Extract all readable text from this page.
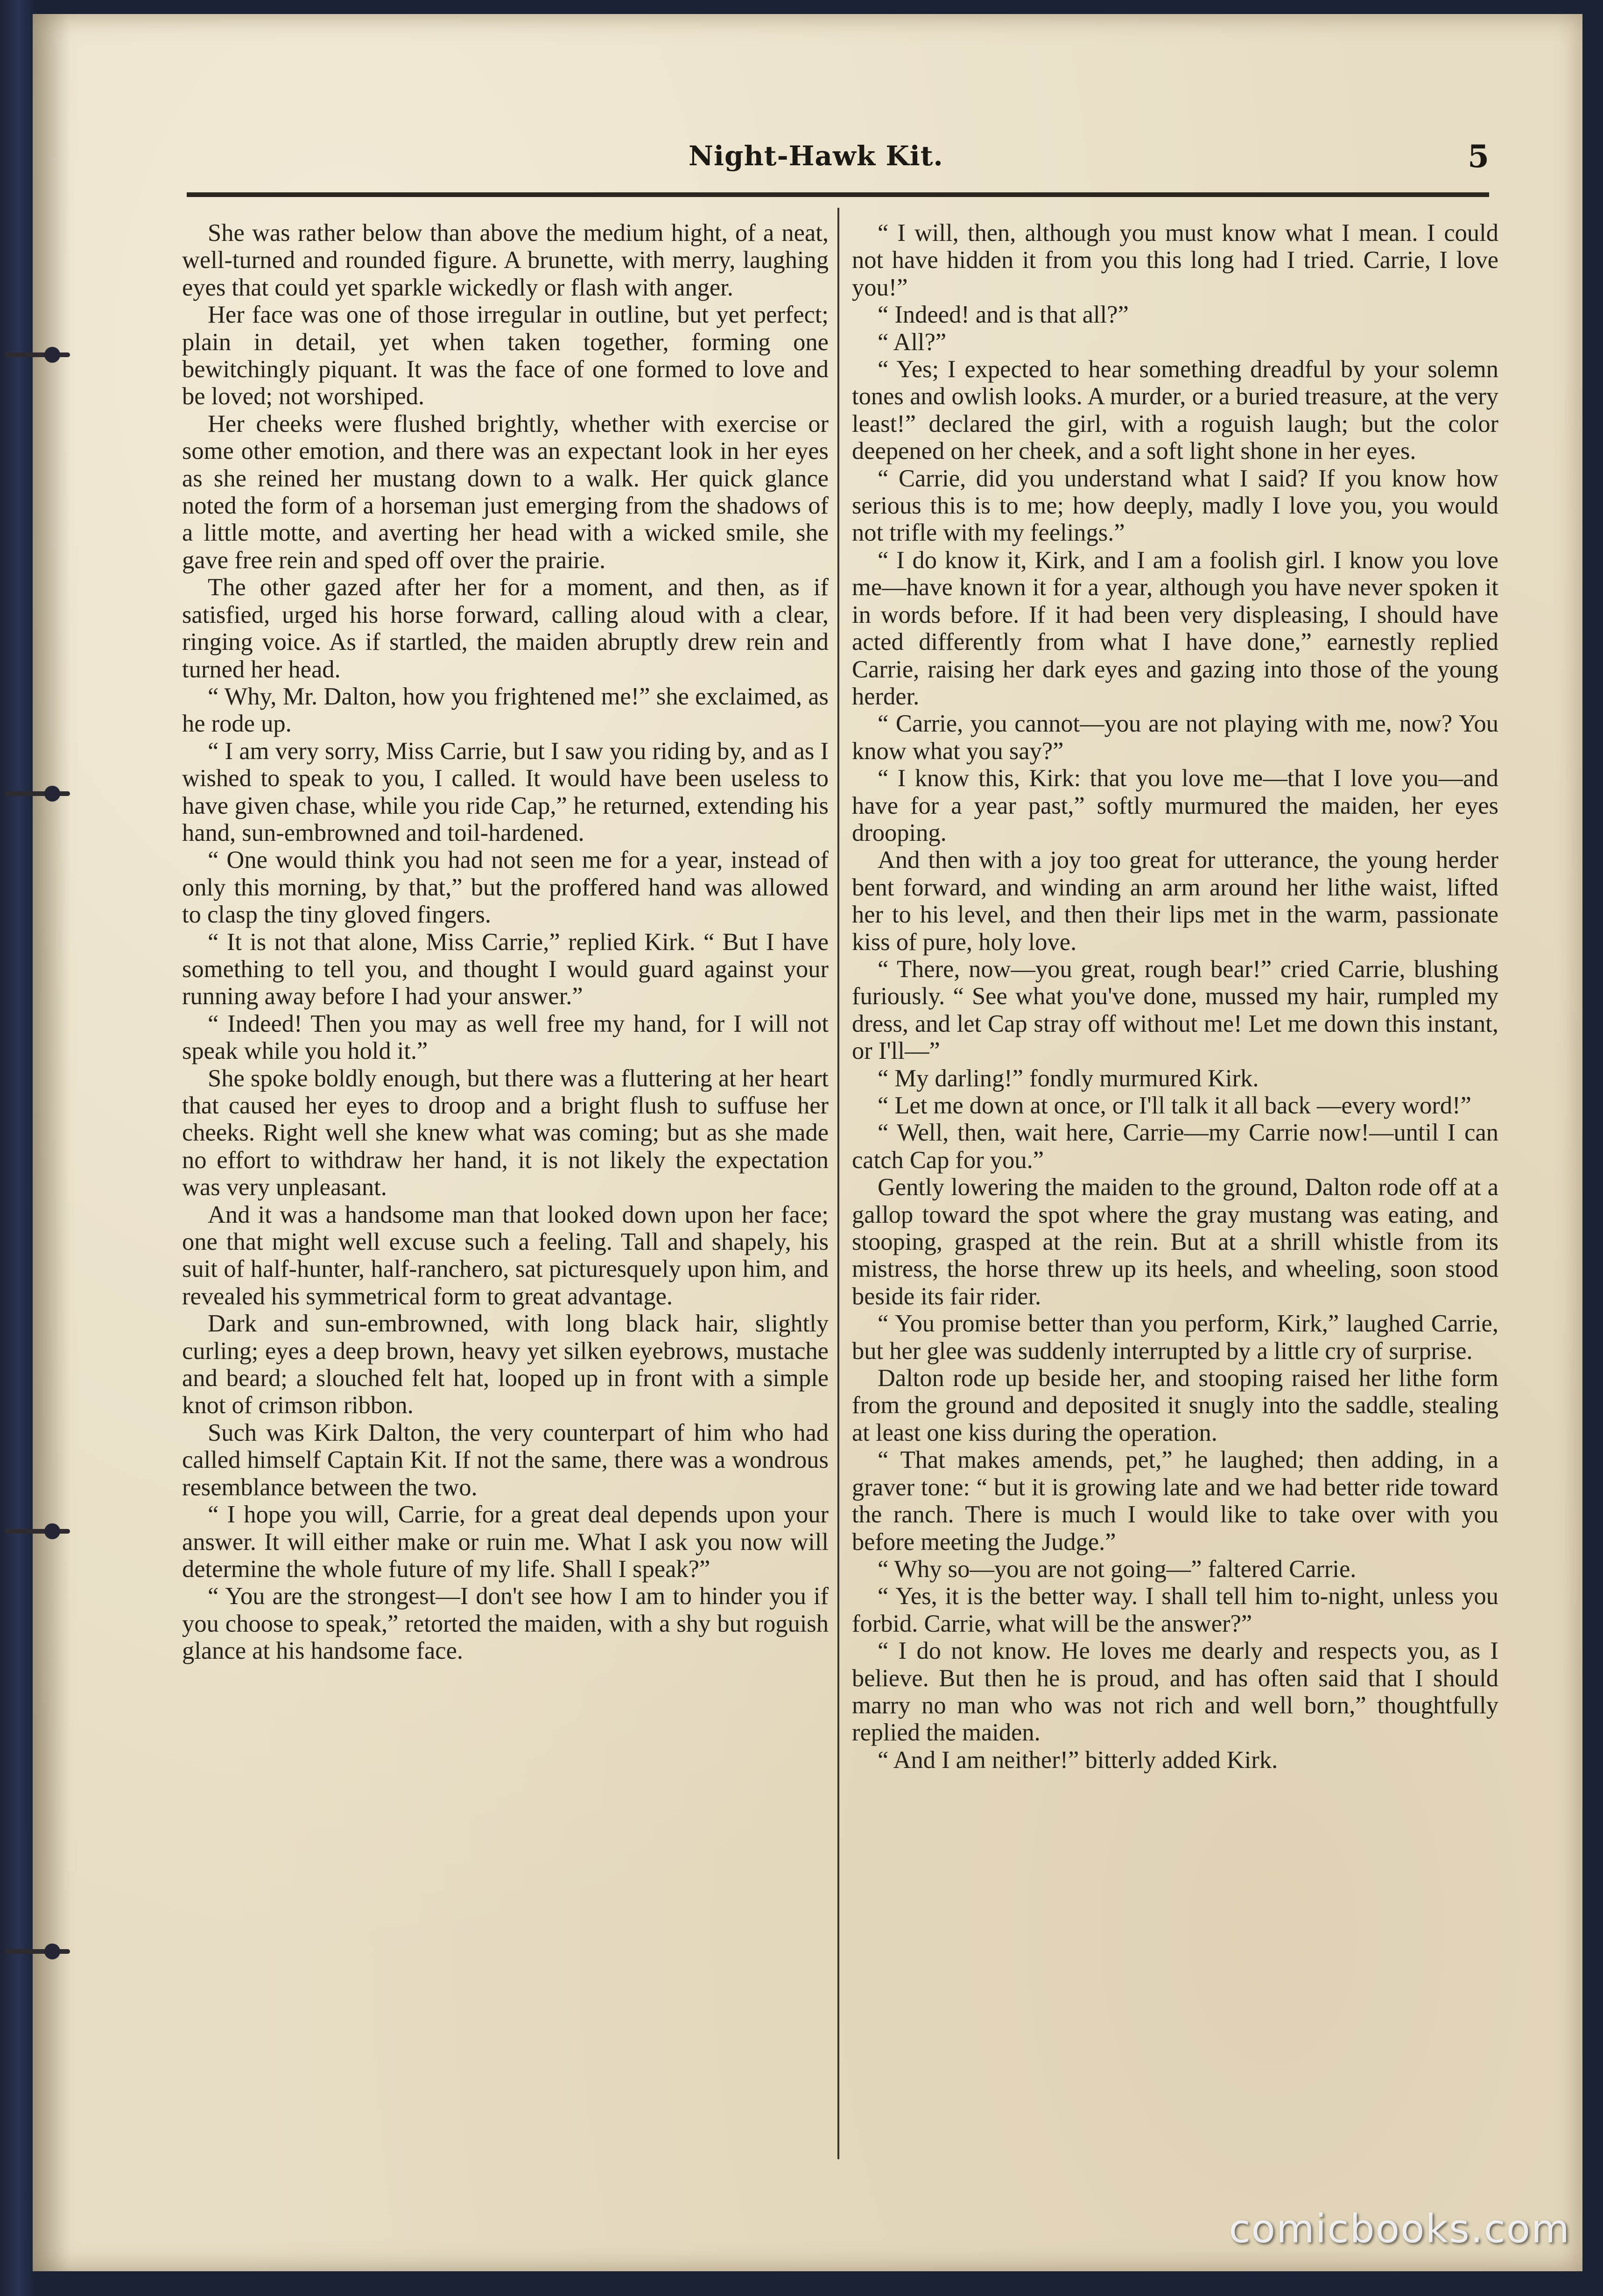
Night-Hawk Kit.	5

She was rather below than above the medium hight, of a neat, well-turned and rounded figure. A brunette, with merry, laughing eyes that could yet sparkle wickedly or flash with anger.

Her face was one of those irregular in outline, but yet perfect; plain in detail, yet when taken together, forming one bewitchingly piquant. It was the face of one formed to love and be loved; not worshiped.

Her cheeks were flushed brightly, whether with exercise or some other emotion, and there was an expectant look in her eyes as she reined her mustang down to a walk. Her quick glance noted the form of a horseman just emerging from the shadows of a little motte, and averting her head with a wicked smile, she gave free rein and sped off over the prairie.

The other gazed after her for a moment, and then, as if satisfied, urged his horse forward, calling aloud with a clear, ringing voice. As if startled, the maiden abruptly drew rein and turned her head.

“ Why, Mr. Dalton, how you frightened me!” she exclaimed, as he rode up.

“ I am very sorry, Miss Carrie, but I saw you riding by, and as I wished to speak to you, I called. It would have been useless to have given chase, while you ride Cap,” he returned, extending his hand, sun-embrowned and toil-hardened.

“ One would think you had not seen me for a year, instead of only this morning, by that,” but the proffered hand was allowed to clasp the tiny gloved fingers.

“ It is not that alone, Miss Carrie,” replied Kirk. “ But I have something to tell you, and thought I would guard against your running away before I had your answer.”

“ Indeed! Then you may as well free my hand, for I will not speak while you hold it.”

She spoke boldly enough, but there was a fluttering at her heart that caused her eyes to droop and a bright flush to suffuse her cheeks. Right well she knew what was coming; but as she made no effort to withdraw her hand, it is not likely the expectation was very unpleasant.

And it was a handsome man that looked down upon her face; one that might well excuse such a feeling. Tall and shapely, his suit of half-hunter, half-ranchero, sat picturesquely upon him, and revealed his symmetrical form to great advantage.

Dark and sun-embrowned, with long black hair, slightly curling; eyes a deep brown, heavy yet silken eyebrows, mustache and beard; a slouched felt hat, looped up in front with a simple knot of crimson ribbon.

Such was Kirk Dalton, the very counterpart of him who had called himself Captain Kit. If not the same, there was a wondrous resemblance between the two.

“ I hope you will, Carrie, for a great deal depends upon your answer. It will either make or ruin me. What I ask you now will determine the whole future of my life. Shall I speak?”

“ You are the strongest—I don't see how I am to hinder you if you choose to speak,” retorted the maiden, with a shy but roguish glance at his handsome face.

“ I will, then, although you must know what I mean. I could not have hidden it from you this long had I tried. Carrie, I love you!”

“ Indeed! and is that all?”

“ All?”

“ Yes; I expected to hear something dreadful by your solemn tones and owlish looks. A murder, or a buried treasure, at the very least!” declared the girl, with a roguish laugh; but the color deepened on her cheek, and a soft light shone in her eyes.

“ Carrie, did you understand what I said? If you know how serious this is to me; how deeply, madly I love you, you would not trifle with my feelings.”

“ I do know it, Kirk, and I am a foolish girl. I know you love me—have known it for a year, although you have never spoken it in words before. If it had been very displeasing, I should have acted differently from what I have done,” earnestly replied Carrie, raising her dark eyes and gazing into those of the young herder.

“ Carrie, you cannot—you are not playing with me, now? You know what you say?”

“ I know this, Kirk: that you love me—that I love you—and have for a year past,” softly murmured the maiden, her eyes drooping.

And then with a joy too great for utterance, the young herder bent forward, and winding an arm around her lithe waist, lifted her to his level, and then their lips met in the warm, passionate kiss of pure, holy love.

“ There, now—you great, rough bear!” cried Carrie, blushing furiously. “ See what you've done, mussed my hair, rumpled my dress, and let Cap stray off without me! Let me down this instant, or I'll—”

“ My darling!” fondly murmured Kirk.

“ Let me down at once, or I'll talk it all back —every word!”

“ Well, then, wait here, Carrie—my Carrie now!—until I can catch Cap for you.”

Gently lowering the maiden to the ground, Dalton rode off at a gallop toward the spot where the gray mustang was eating, and stooping, grasped at the rein. But at a shrill whistle from its mistress, the horse threw up its heels, and wheeling, soon stood beside its fair rider.

“ You promise better than you perform, Kirk,” laughed Carrie, but her glee was suddenly interrupted by a little cry of surprise.

Dalton rode up beside her, and stooping raised her lithe form from the ground and deposited it snugly into the saddle, stealing at least one kiss during the operation.

“ That makes amends, pet,” he laughed; then adding, in a graver tone: “ but it is growing late and we had better ride toward the ranch. There is much I would like to take over with you before meeting the Judge.”

“ Why so—you are not going—” faltered Carrie.

“ Yes, it is the better way. I shall tell him to-night, unless you forbid. Carrie, what will be the answer?”

“ I do not know. He loves me dearly and respects you, as I believe. But then he is proud, and has often said that I should marry no man who was not rich and well born,” thoughtfully replied the maiden.

“ And I am neither!” bitterly added Kirk.

comicbooks.com
